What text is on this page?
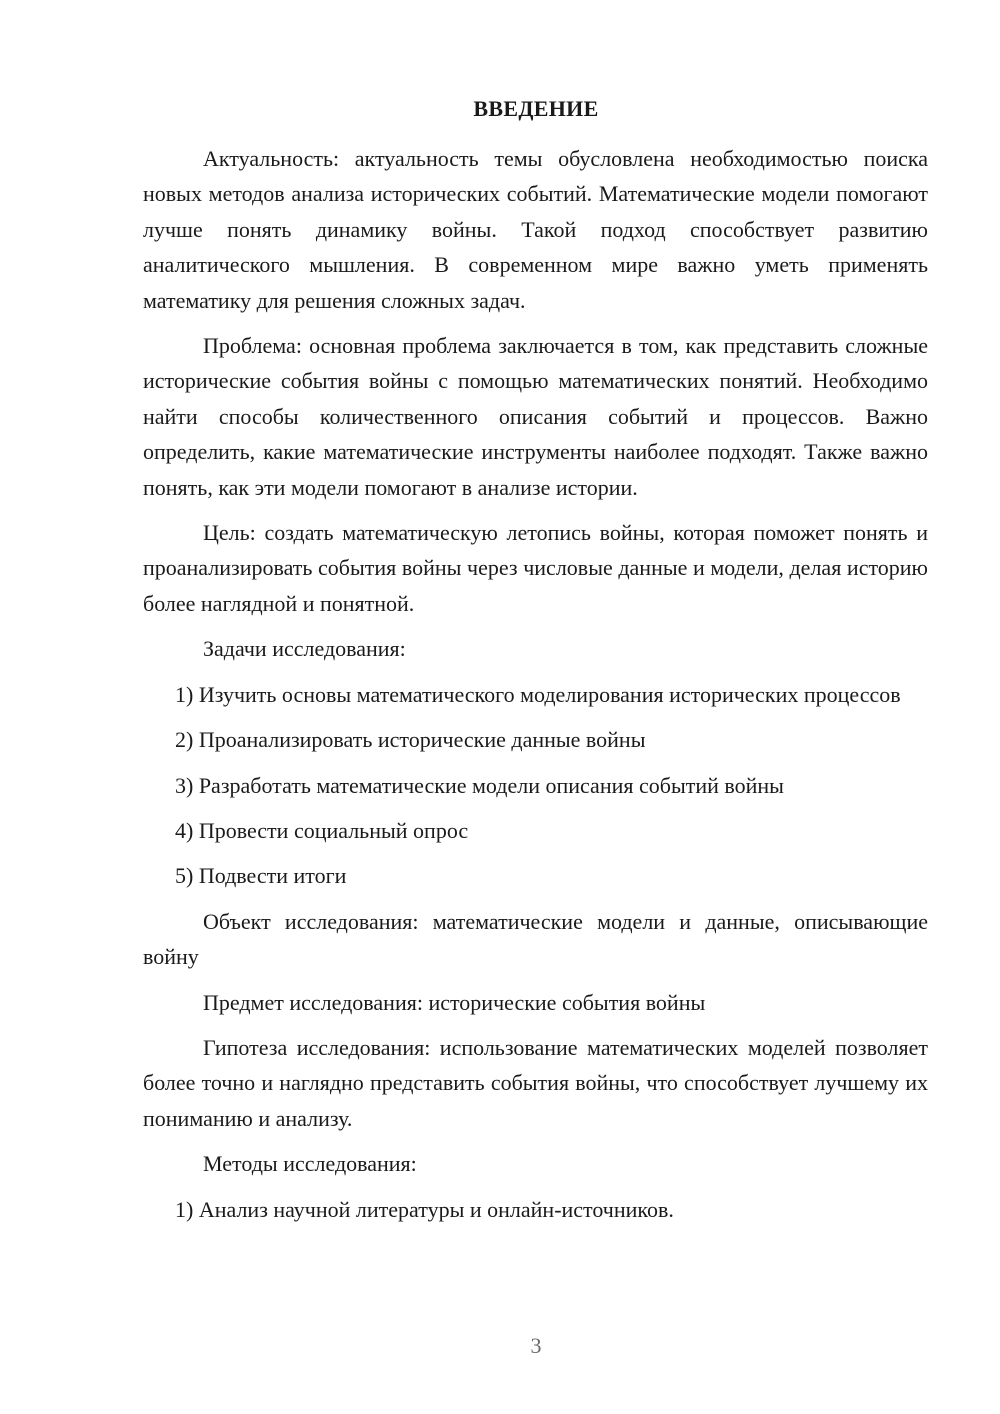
ВВЕДЕНИЕ

Актуальность: актуальность темы обусловлена необходимостью поиска новых методов анализа исторических событий. Математические модели помогают лучше понять динамику войны. Такой подход способствует развитию аналитического мышления. В современном мире важно уметь применять математику для решения сложных задач.

Проблема: основная проблема заключается в том, как представить сложные исторические события войны с помощью математических понятий. Необходимо найти способы количественного описания событий и процессов. Важно определить, какие математические инструменты наиболее подходят. Также важно понять, как эти модели помогают в анализе истории.

Цель: создать математическую летопись войны, которая поможет понять и проанализировать события войны через числовые данные и модели, делая историю более наглядной и понятной.

Задачи исследования:

1) Изучить основы математического моделирования исторических процессов

2) Проанализировать исторические данные войны

3) Разработать математические модели описания событий войны

4) Провести социальный опрос

5) Подвести итоги

Объект исследования: математические модели и данные, описывающие войну

Предмет исследования: исторические события войны

Гипотеза исследования: использование математических моделей позволяет более точно и наглядно представить события войны, что способствует лучшему их пониманию и анализу.

Методы исследования:

1) Анализ научной литературы и онлайн-источников.

3
